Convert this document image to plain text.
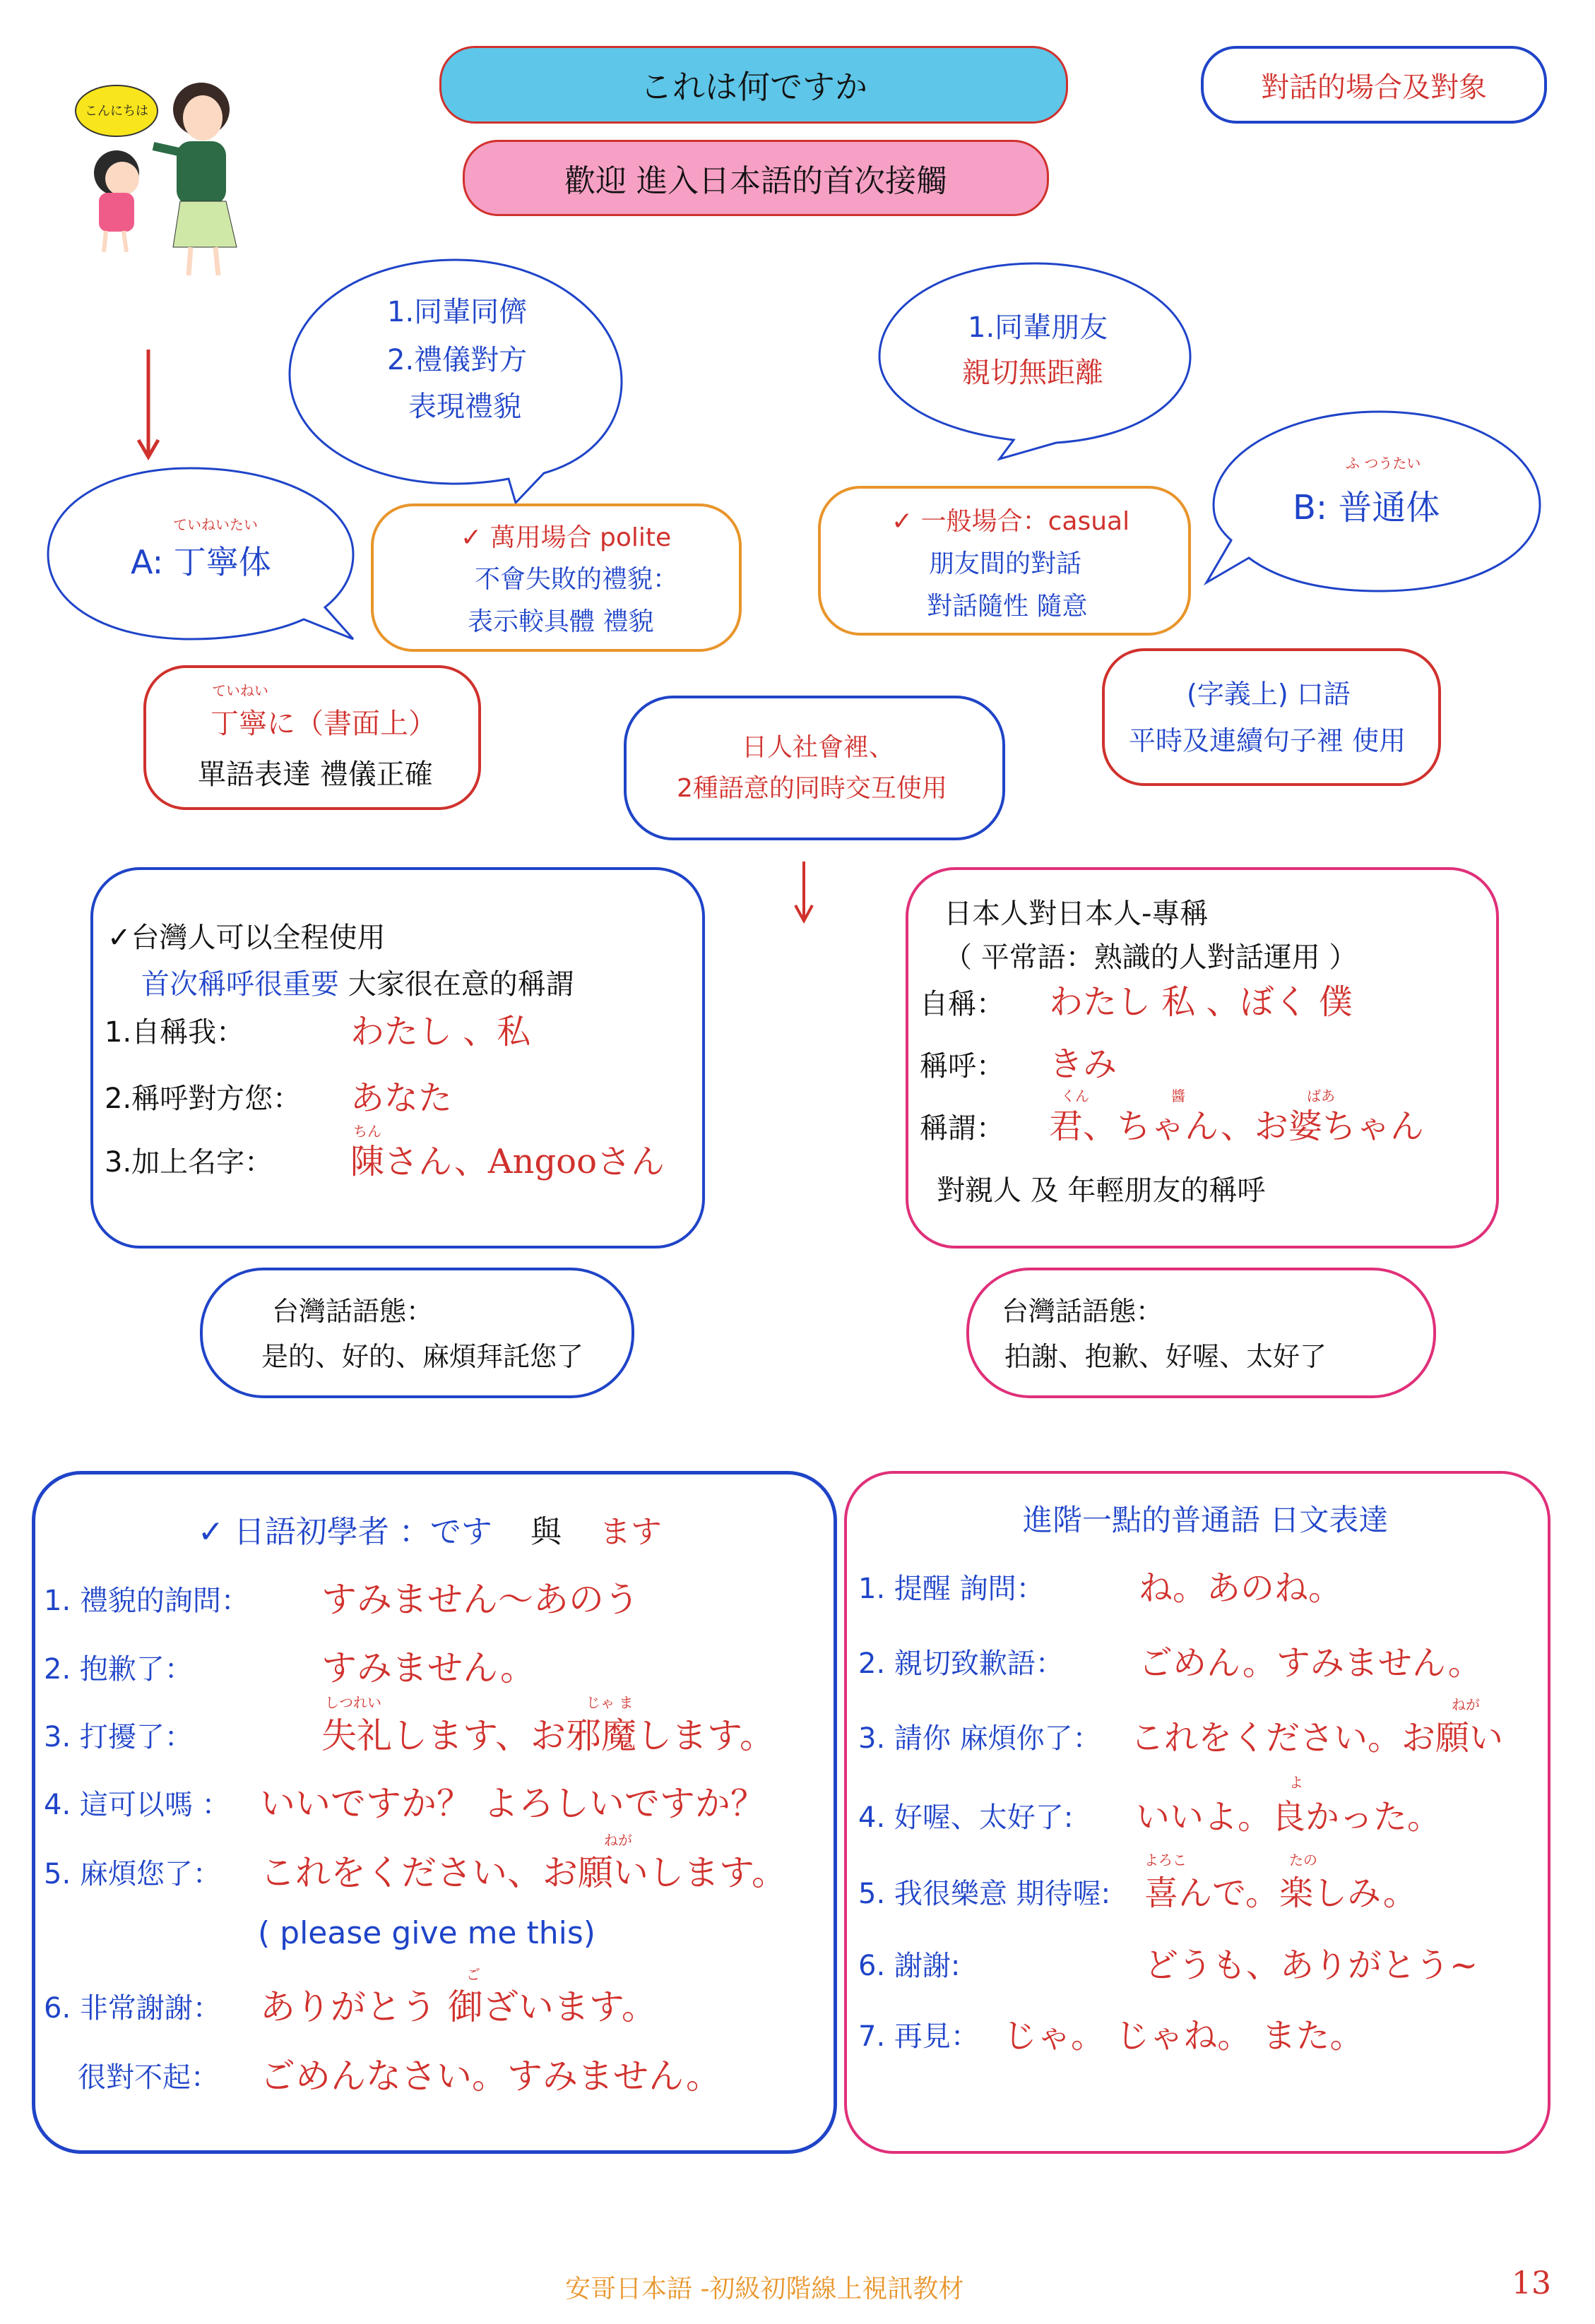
こんにちは
これは何ですか
歡迎 進入日本語的首次接觸
對話的場合及對象
1.同輩同儕
2.禮儀對方
表現禮貌
1.同輩朋友
親切無距離
ていねいたい
A: 丁寧体
ふ つうたい
B: 普通体
✓ 萬用場合 polite
不會失敗的禮貌：
表示較具體 禮貌
✓ 一般場合：casual
朋友間的對話
對話隨性 隨意
ていねい
丁寧に（書面上）
單語表達 禮儀正確
(字義上) 口語
平時及連續句子裡 使用
日人社會裡、
2種語意的同時交互使用
✓台灣人可以全程使用
首次稱呼很重要 大家很在意的稱謂
1.自稱我：	わたし 、私
2.稱呼對方您： あなた
ちん
3.加上名字： 陳さん、Angooさん
日本人對日本人-專稱
（ 平常語：熟識的人對話運用 ）
自稱： わたし 私 、ぼく 僕
稱呼： きみ
くん	醬	ばあ
稱謂： 君、ちゃん、お婆ちゃん
對親人 及 年輕朋友的稱呼
台灣話語態：
是的、好的、麻煩拜託您了
台灣話語態：
拍謝、抱歉、好喔、太好了
✓ 日語初學者 ：です 與 ます
1. 禮貌的詢問： すみません〜あのう
2. 抱歉了：	すみません。
しつれい	じゃ ま
3. 打擾了：	失礼します、お邪魔します。
4. 這可以嗎 ： いいですか？ よろしいですか？
ねが
5. 麻煩您了： これをください、お願いします。
( please give me this)
ご
6. 非常謝謝： ありがとう 御ざいます。
很對不起： ごめんなさい。すみません。
進階一點的普通語 日文表達
1. 提醒 詢問：	ね。あのね。
2. 親切致歉語： ごめん。すみません。
ねが
3. 請你 麻煩你了： これをください。お願い
よ
4. 好喔、太好了: いいよ。良かった。
よろこ	たの
5. 我很樂意 期待喔: 喜んで。楽しみ。
6. 謝謝:	どうも、ありがとう~
7. 再見： じゃ。 じゃね。 また。
安哥日本語 -初級初階線上視訊教材	13
